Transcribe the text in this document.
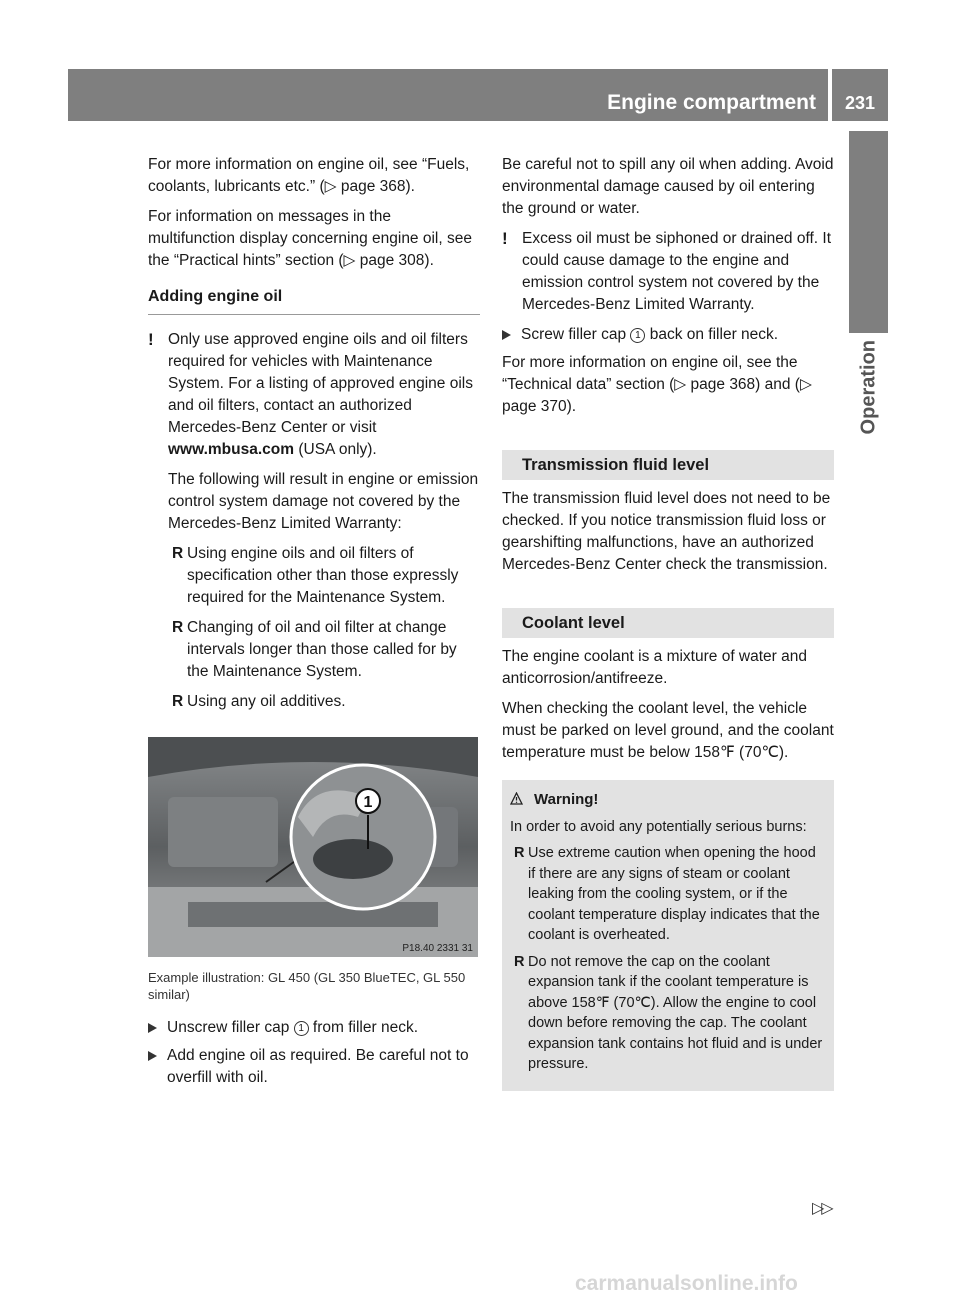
Engine compartment	231
Operation

For more information on engine oil, see “Fuels, coolants, lubricants etc.” (▷ page 368).

For information on messages in the multifunction display concerning engine oil, see the “Practical hints” section (▷ page 308).

Adding engine oil
! Only use approved engine oils and oil filters required for vehicles with Maintenance System. For a listing of approved engine oils and oil filters, contact an authorized Mercedes-Benz Center or visit www.mbusa.com (USA only).

The following will result in engine or emission control system damage not covered by the Mercedes-Benz Limited Warranty:

R Using engine oils and oil filters of specification other than those expressly required for the Maintenance System.
R Changing of oil and oil filter at change intervals longer than those called for by the Maintenance System.
R Using any oil additives.
1
P18.40 2331 31
Example illustration: GL 450 (GL 350 BlueTEC, GL 550 similar)
Unscrew filler cap 1 from filler neck.
Add engine oil as required. Be careful not to overfill with oil.

Be careful not to spill any oil when adding. Avoid environmental damage caused by oil entering the ground or water.

! Excess oil must be siphoned or drained off. It could cause damage to the engine and emission control system not covered by the Mercedes-Benz Limited Warranty.
Screw filler cap 1 back on filler neck.

For more information on engine oil, see the “Technical data” section (▷ page 368) and (▷ page 370).

Transmission fluid level

The transmission fluid level does not need to be checked. If you notice transmission fluid loss or gearshifting malfunctions, have an authorized Mercedes-Benz Center check the transmission.

Coolant level

The engine coolant is a mixture of water and anticorrosion/antifreeze.

When checking the coolant level, the vehicle must be parked on level ground, and the coolant temperature must be below 158℉ (70℃).

Warning!

In order to avoid any potentially serious burns:

R Use extreme caution when opening the hood if there are any signs of steam or coolant leaking from the cooling system, or if the coolant temperature display indicates that the coolant is overheated.
R Do not remove the cap on the coolant expansion tank if the coolant temperature is above 158℉ (70℃). Allow the engine to cool down before removing the cap. The coolant expansion tank contains hot fluid and is under pressure.
▷▷
carmanualsonline.info
